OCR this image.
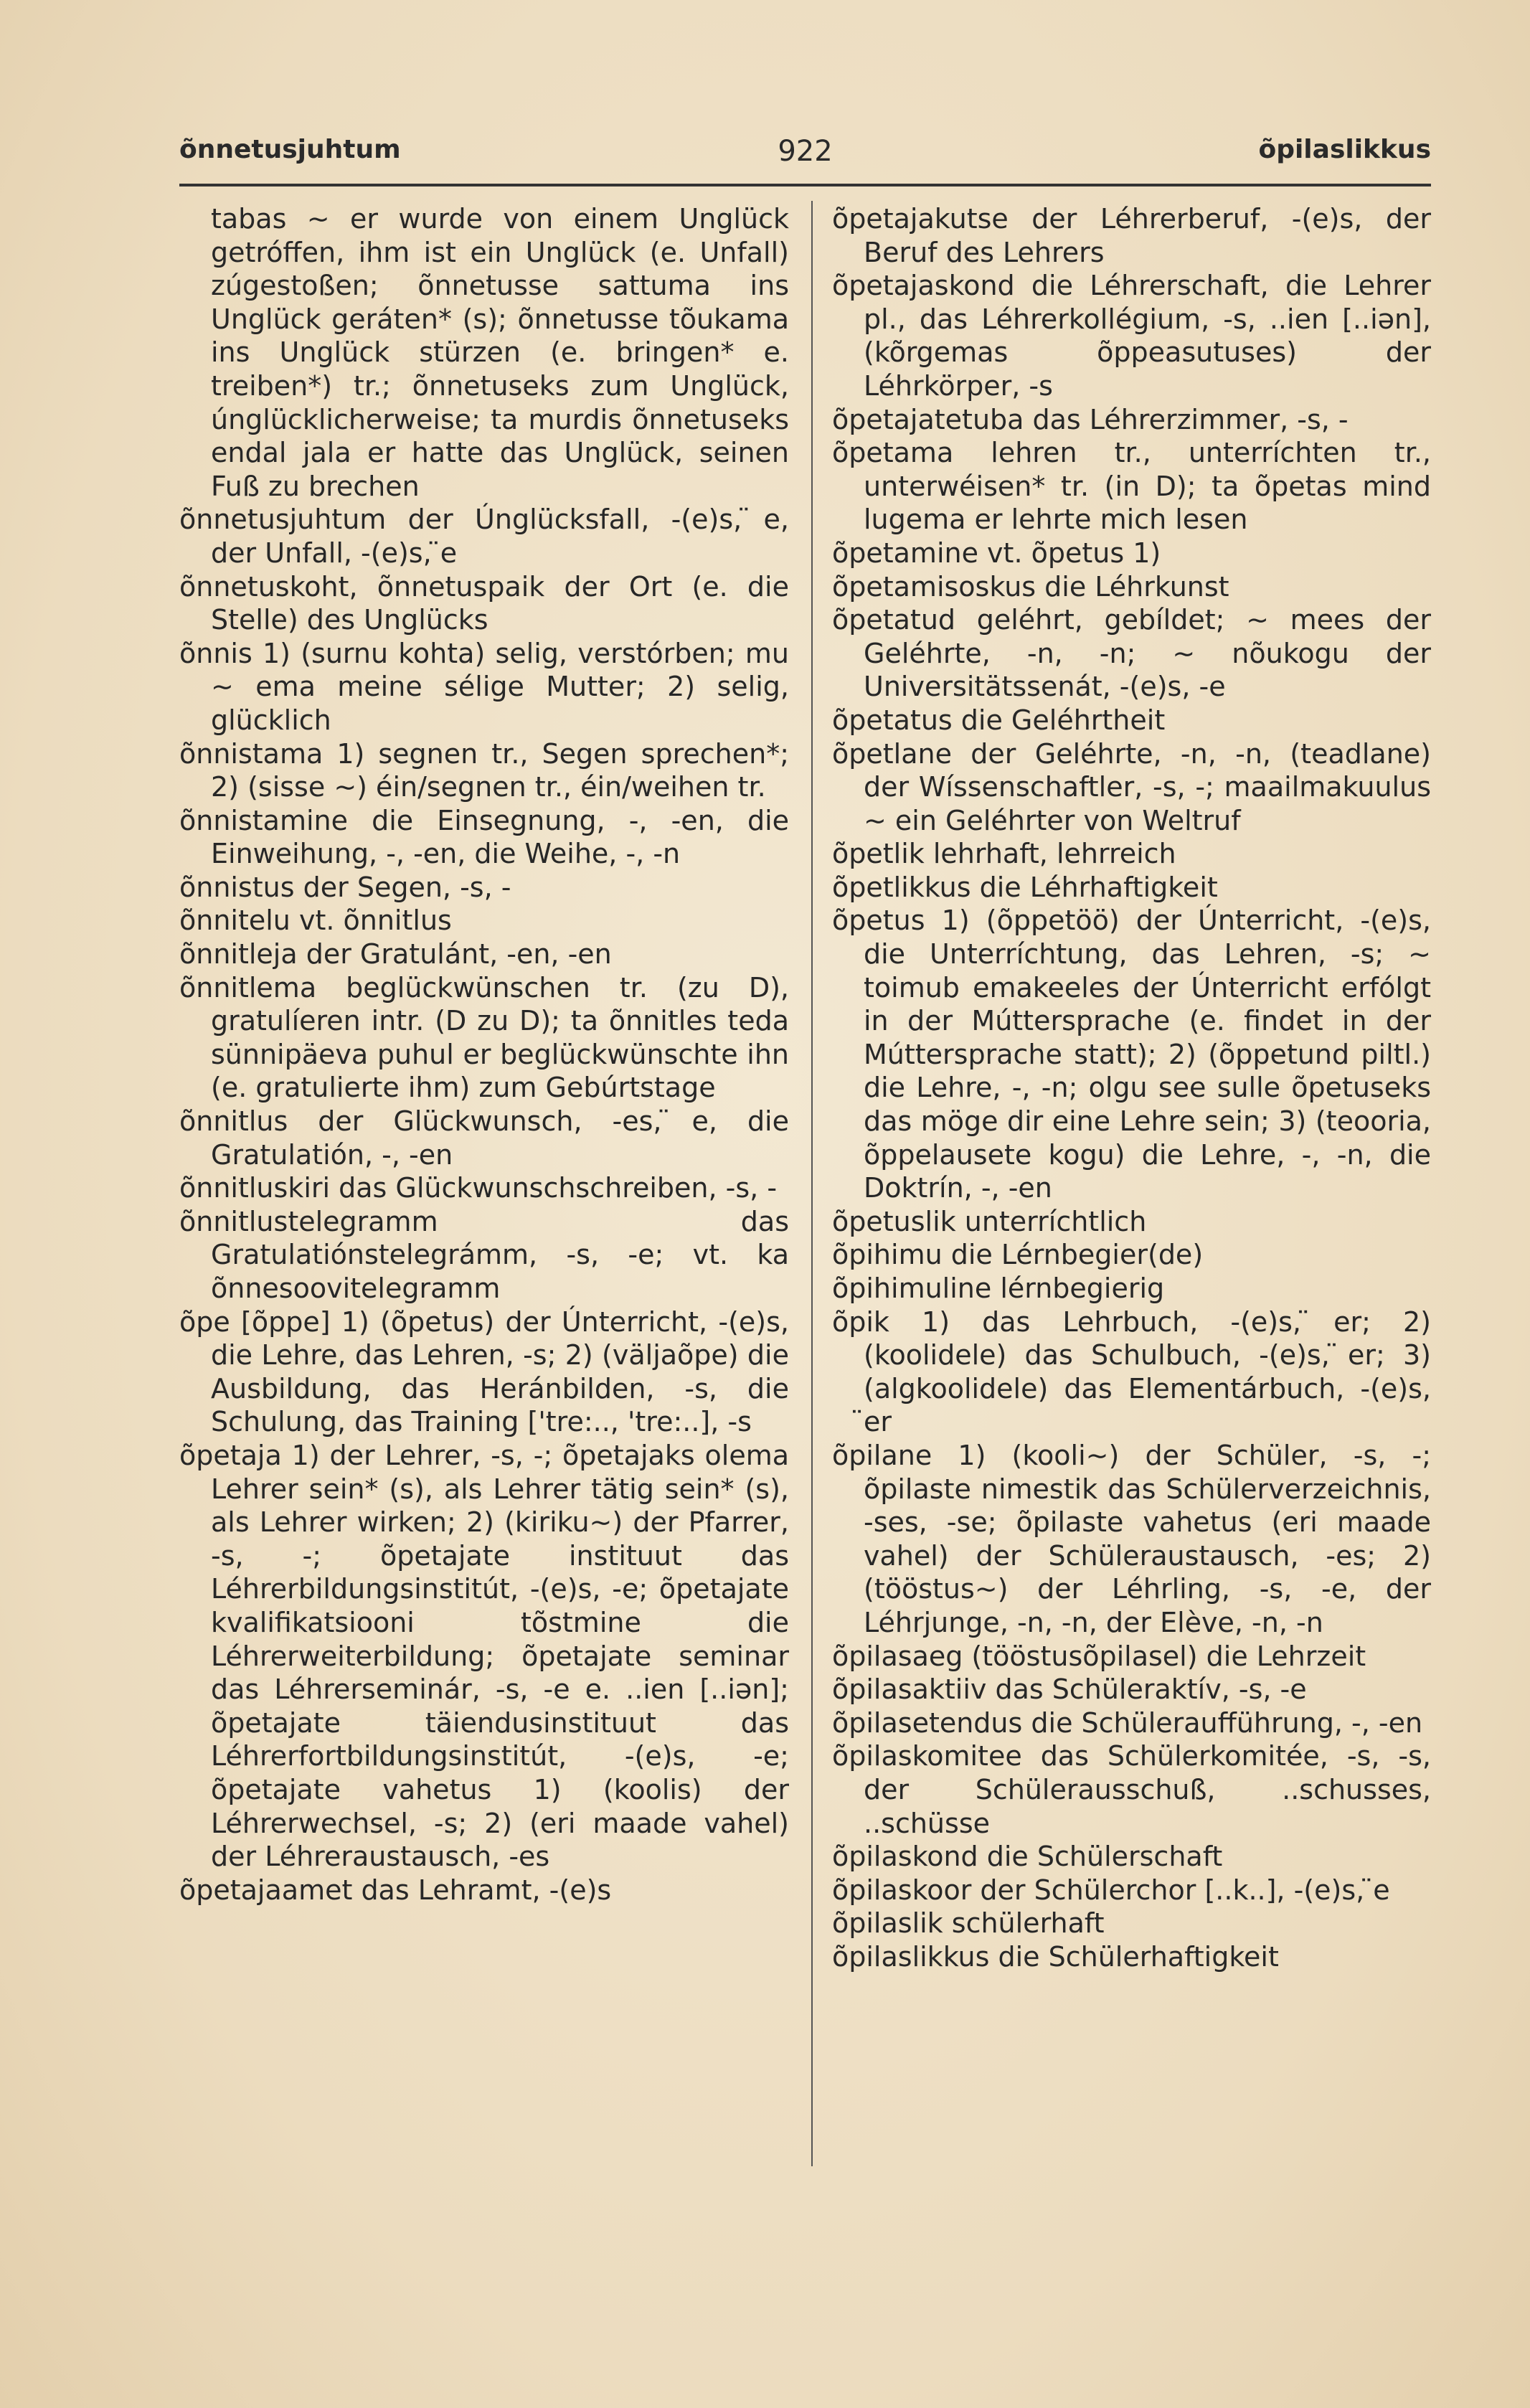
õnnetusjuhtum	922	õpilaslikkus

tabas ∼ er wurde von einem Unglück getróffen, ihm ist ein Unglück (e. Unfall) zúgestoßen; õnnetusse sattuma ins Unglück geráten* (s); õnnetusse tõukama ins Unglück stürzen (e. bringen* e. treiben*) tr.; õnnetuseks zum Unglück, únglücklicherweise; ta murdis õnnetuseks endal jala er hatte das Unglück, seinen Fuß zu brechen

õnnetusjuhtum der Únglücksfall, -(e)s, ̈e, der Unfall, -(e)s, ̈e

õnnetuskoht, õnnetuspaik der Ort (e. die Stelle) des Unglücks

õnnis 1) (surnu kohta) selig, verstórben; mu ∼ ema meine sélige Mutter; 2) selig, glücklich

õnnistama 1) segnen tr., Segen sprechen*; 2) (sisse ∼) éin/segnen tr., éin/weihen tr.

õnnistamine die Einsegnung, -, -en, die Einweihung, -, -en, die Weihe, -, -n

õnnistus der Segen, -s, -

õnnitelu vt. õnnitlus

õnnitleja der Gratulánt, -en, -en

õnnitlema beglückwünschen tr. (zu D), gratulíeren intr. (D zu D); ta õnnitles teda sünnipäeva puhul er beglückwünschte ihn (e. gratulierte ihm) zum Gebúrtstage

õnnitlus der Glückwunsch, -es, ̈e, die Gratulatión, -, -en

õnnitluskiri das Glückwunschschreiben, -s, -

õnnitlustelegramm das Gratulatiónstelegrámm, -s, -e; vt. ka õnnesoovitelegramm

õpe [õppe] 1) (õpetus) der Únterricht, -(e)s, die Lehre, das Lehren, -s; 2) (väljaõpe) die Ausbildung, das Heránbilden, -s, die Schulung, das Training ['tre:.., 'tre:..], -s

õpetaja 1) der Lehrer, -s, -; õpetajaks olema Lehrer sein* (s), als Lehrer tätig sein* (s), als Lehrer wirken; 2) (kiriku∼) der Pfarrer, -s, -; õpetajate instituut das Léhrerbildungsinstitút, -(e)s, -e; õpetajate kvalifikatsiooni tõstmine die Léhrerweiterbildung; õpetajate seminar das Léhrerseminár, -s, -e e. ..ien [..iən]; õpetajate täiendusinstituut das Léhrerfortbildungsinstitút, -(e)s, -e; õpetajate vahetus 1) (koolis) der Léhrerwechsel, -s; 2) (eri maade vahel) der Léhreraustausch, -es

õpetajaamet das Lehramt, -(e)s

õpetajakutse der Léhrerberuf, -(e)s, der Beruf des Lehrers

õpetajaskond die Léhrerschaft, die Lehrer pl., das Léhrerkollégium, -s, ..ien [..iən], (kõrgemas õppeasutuses) der Léhrkörper, -s

õpetajatetuba das Léhrerzimmer, -s, -

õpetama lehren tr., unterríchten tr., unterwéisen* tr. (in D); ta õpetas mind lugema er lehrte mich lesen

õpetamine vt. õpetus 1)

õpetamisoskus die Léhrkunst

õpetatud geléhrt, gebíldet; ∼ mees der Geléhrte, -n, -n; ∼ nõukogu der Universitätssenát, -(e)s, -e

õpetatus die Geléhrtheit

õpetlane der Geléhrte, -n, -n, (teadlane) der Wíssenschaftler, -s, -; maailmakuulus ∼ ein Geléhrter von Weltruf

õpetlik lehrhaft, lehrreich

õpetlikkus die Léhrhaftigkeit

õpetus 1) (õppetöö) der Únterricht, -(e)s, die Unterríchtung, das Lehren, -s; ∼ toimub emakeeles der Únterricht erfólgt in der Múttersprache (e. findet in der Múttersprache statt); 2) (õppetund piltl.) die Lehre, -, -n; olgu see sulle õpetuseks das möge dir eine Lehre sein; 3) (teooria, õppelausete kogu) die Lehre, -, -n, die Doktrín, -, -en

õpetuslik unterríchtlich

õpihimu die Lérnbegier(de)

õpihimuline lérnbegierig

õpik 1) das Lehrbuch, -(e)s, ̈er; 2) (koolidele) das Schulbuch, -(e)s, ̈er; 3) (algkoolidele) das Elementárbuch, -(e)s, ̈er

õpilane 1) (kooli∼) der Schüler, -s, -; õpilaste nimestik das Schülerverzeichnis, -ses, -se; õpilaste vahetus (eri maade vahel) der Schüleraustausch, -es; 2) (tööstus∼) der Léhrling, -s, -e, der Léhrjunge, -n, -n, der Elève, -n, -n

õpilasaeg (tööstusõpilasel) die Lehrzeit

õpilasaktiiv das Schüleraktív, -s, -e

õpilasetendus die Schüleraufführung, -, -en

õpilaskomitee das Schülerkomitée, -s, -s, der Schülerausschuß, ..schusses, ..schüsse

õpilaskond die Schülerschaft

õpilaskoor der Schülerchor [..k..], -(e)s, ̈e

õpilaslik schülerhaft

õpilaslikkus die Schülerhaftigkeit
